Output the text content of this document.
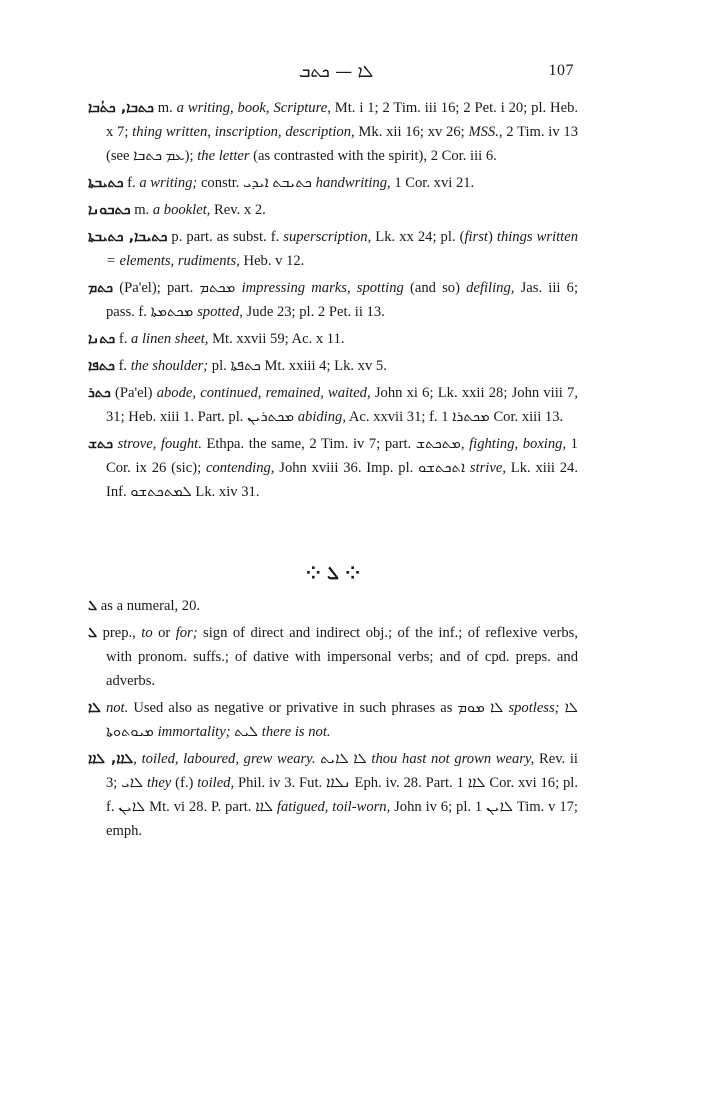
ܠܐ — ܟܬܒ	107

ܟܬܒܐ, ܟܬܳܒܐ m. a writing, book, Scripture, Mt. i 1; 2 Tim. iii 16; 2 Pet. i 20; pl. Heb. x 7; thing written, inscription, description, Mk. xii 16; xv 26; MSS., 2 Tim. iv 13 (see ܥܡ ܟܬܒܐ); the letter (as contrasted with the spirit), 2 Cor. iii 6.

ܟܬܝܒܬܐ f. a writing; constr. ܟܬܝܒܬ ܐܝܕܝ handwriting, 1 Cor. xvi 21.

ܟܬܒܘܢܐ m. a booklet, Rev. x 2.

ܟܬܝܒܐ, ܟܬܝܒܬܐ p. part. as subst. f. superscription, Lk. xx 24; pl. (first) things written = elements, rudiments, Heb. v 12.

ܟܬܡ (Pa'el); part. ܡܟܬܡ impressing marks, spotting (and so) defiling, Jas. iii 6; pass. f. ܡܟܬܡܬܐ spotted, Jude 23; pl. 2 Pet. ii 13.

ܟܬܢܐ f. a linen sheet, Mt. xxvii 59; Ac. x 11.

ܟܬܦܐ f. the shoulder; pl. ܟܬܦܬܐ Mt. xxiii 4; Lk. xv 5.

ܟܬܪ (Pa'el) abode, continued, remained, waited, John xi 6; Lk. xxii 28; John viii 7, 31; Heb. xiii 1. Part. pl. ܡܟܬܪܝܢ abiding, Ac. xxvii 31; f. ܡܟܬܪܐ 1 Cor. xiii 13.

ܟܬܫ strove, fought. Ethpa. the same, 2 Tim. iv 7; part. ܡܬܟܬܫ, fighting, boxing, 1 Cor. ix 26 (sic); contending, John xviii 36. Imp. pl. ܐܬܟܬܫܘ strive, Lk. xiii 24. Inf. ܠܡܬܟܬܫܘ Lk. xiv 31.

⁘ ܠ ⁘

ܠ as a numeral, 20.

ܠ prep., to or for; sign of direct and indirect obj.; of the inf.; of reflexive verbs, with pronom. suffs.; of dative with impersonal verbs; and of cpd. preps. and adverbs.

ܠܐ not. Used also as negative or privative in such phrases as ܠܐ ܡܘܡ spotless; ܠܐ ܡܝܘܬܘܬܐ immortality; ܠܝܬ there is not.

ܠܐܐ, ܠܐܐ, toiled, laboured, grew weary. ܠܐ ܠܐܝܬ thou hast not grown weary, Rev. ii 3; ܠܐܝ they (f.) toiled, Phil. iv 3. Fut. ܢܠܐܐ Eph. iv. 28. Part. ܠܐܐ 1 Cor. xvi 16; pl. f. ܠܐܝܢ Mt. vi 28. P. part. ܠܐܐ fatigued, toil-worn, John iv 6; pl. ܠܐܝܢ 1 Tim. v 17; emph.
